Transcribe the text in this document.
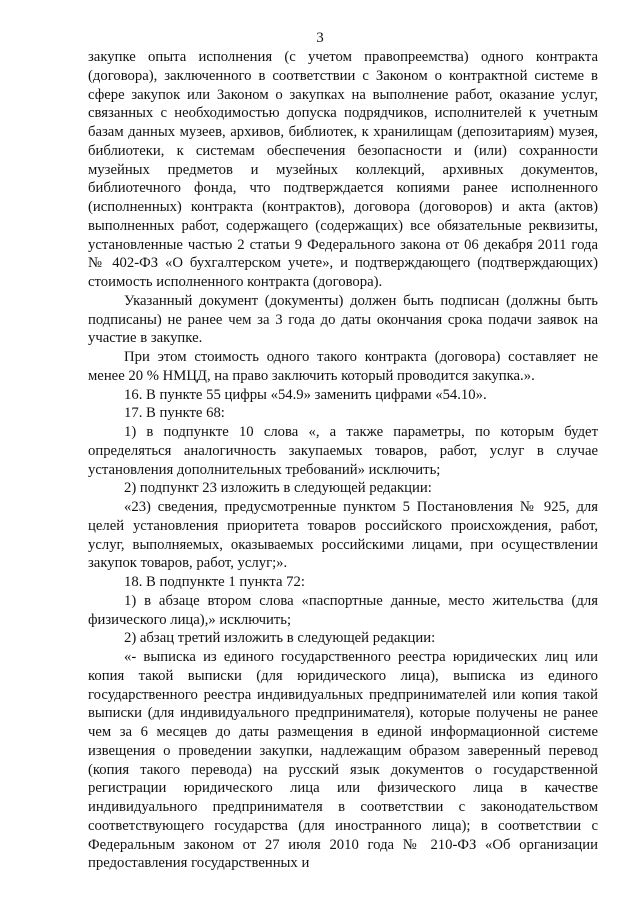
3

закупке опыта исполнения (с учетом правопреемства) одного контракта (договора), заключенного в соответствии с Законом о контрактной системе в сфере закупок или Законом о закупках на выполнение работ, оказание услуг, связанных с необходимостью допуска подрядчиков, исполнителей к учетным базам данных музеев, архивов, библиотек, к хранилищам (депозитариям) музея, библиотеки, к системам обеспечения безопасности и (или) сохранности музейных предметов и музейных коллекций, архивных документов, библиотечного фонда, что подтверждается копиями ранее исполненного (исполненных) контракта (контрактов), договора (договоров) и акта (актов) выполненных работ, содержащего (содержащих) все обязательные реквизиты, установленные частью 2 статьи 9 Федерального закона от 06 декабря 2011 года № 402-ФЗ «О бухгалтерском учете», и подтверждающего (подтверждающих) стоимость исполненного контракта (договора).

Указанный документ (документы) должен быть подписан (должны быть подписаны) не ранее чем за 3 года до даты окончания срока подачи заявок на участие в закупке.

При этом стоимость одного такого контракта (договора) составляет не менее 20 % НМЦД, на право заключить который проводится закупка.».

16. В пункте 55 цифры «54.9» заменить цифрами «54.10».

17. В пункте 68:

1) в подпункте 10 слова «, а также параметры, по которым будет определяться аналогичность закупаемых товаров, работ, услуг в случае установления дополнительных требований» исключить;

2) подпункт 23 изложить в следующей редакции:

«23) сведения, предусмотренные пунктом 5 Постановления № 925, для целей установления приоритета товаров российского происхождения, работ, услуг, выполняемых, оказываемых российскими лицами, при осуществлении закупок товаров, работ, услуг;».

18. В подпункте 1 пункта 72:

1) в абзаце втором слова «паспортные данные, место жительства (для физического лица),» исключить;

2) абзац третий изложить в следующей редакции:

«- выписка из единого государственного реестра юридических лиц или копия такой выписки (для юридического лица), выписка из единого государственного реестра индивидуальных предпринимателей или копия такой выписки (для индивидуального предпринимателя), которые получены не ранее чем за 6 месяцев до даты размещения в единой информационной системе извещения о проведении закупки, надлежащим образом заверенный перевод (копия такого перевода) на русский язык документов о государственной регистрации юридического лица или физического лица в качестве индивидуального предпринимателя в соответствии с законодательством соответствующего государства (для иностранного лица); в соответствии с Федеральным законом от 27 июля 2010 года № 210-ФЗ «Об организации предоставления государственных и
